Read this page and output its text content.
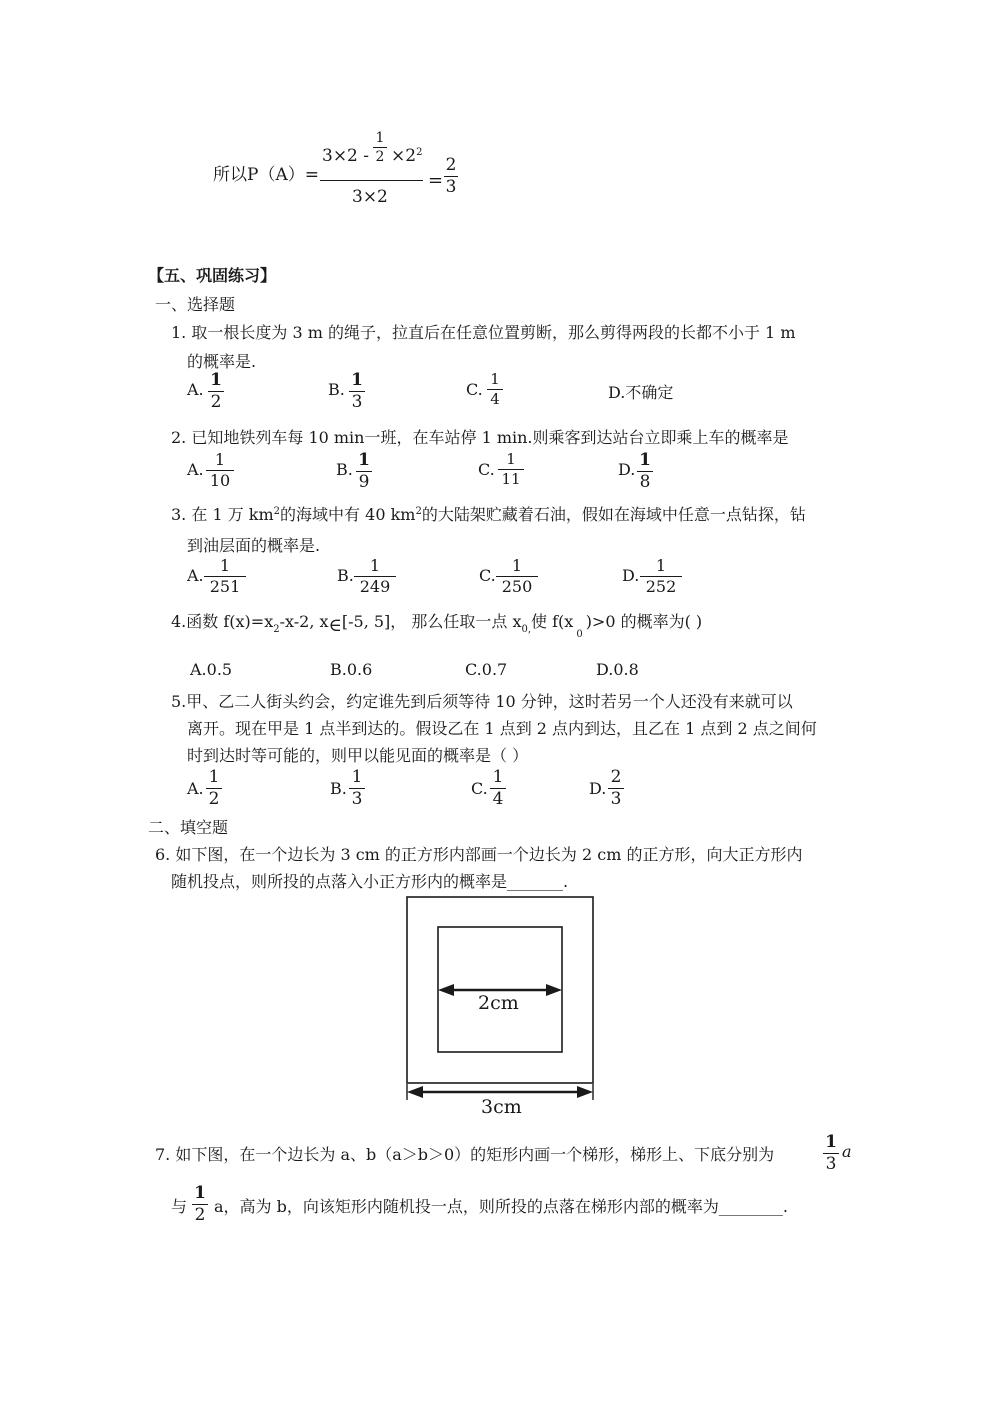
所以P（A）=
3×2 -
1
$2 \times 2^2$
3×2
=
2
3
【五、巩固练习】
一、选择题
1. 取一根长度为 3 m 的绳子，拉直后在任意位置剪断，那么剪得两段的长都不小于 1 m
的概率是.
A. 1
2
B. 1
3
C.
1
4	D.不确定
2. 已知地铁列车每 10 min一班，在车站停 1 min.则乘客到达站台立即乘上车的概率是
A.
1
10
B. 1
9
C.
1
11	D. 1
8
3. 在 1 万 $km^2$的海域中有 40 $km^2$的大陆架贮藏着石油，假如在海域中任意一点钻探，钻
到油层面的概率是.
A.
1
251
B.
1
249
C.
1
250
D.
1
252
4.函数 $f(x)=x_2-x-2$, x∈[-5, 5]， 那么任取一点 $x_{0,}$使 $f(x_0)>0$ 的概率为( )
A.0.5	B.0.6	C.0.7	D.0.8
5.甲、乙二人街头约会，约定谁先到后须等待 10 分钟，这时若另一个人还没有来就可以
离开。现在甲是 1 点半到达的。假设乙在 1 点到 2 点内到达，且乙在 1 点到 2 点之间何
时到达时等可能的，则甲以能见面的概率是（ ）
A.
1
2
B.
1
3
C.
1
4
D.
2
3
二、填空题
6. 如下图，在一个边长为 3 cm 的正方形内部画一个边长为 2 cm 的正方形，向大正方形内
随机投点，则所投的点落入小正方形内的概率是_______.
2cm
3cm
7. 如下图，在一个边长为 a、b（a＞b＞0）的矩形内画一个梯形，梯形上、下底分别为
1
3
a
与
1
2 a，高为 b，向该矩形内随机投一点，则所投的点落在梯形内部的概率为________.
